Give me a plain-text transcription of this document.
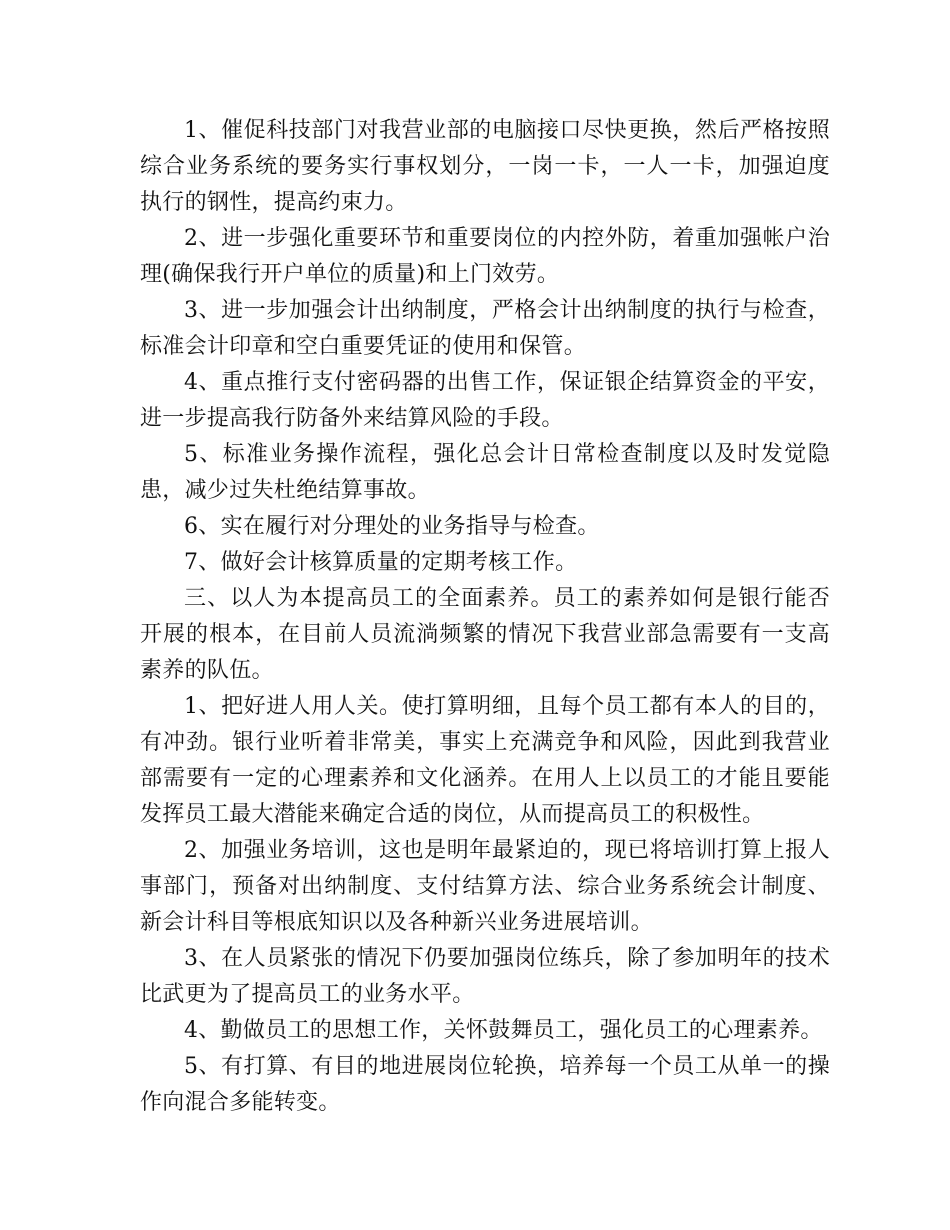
1、催促科技部门对我营业部的电脑接口尽快更换，然后严格按照综合业务系统的要务实行事权划分，一岗一卡，一人一卡，加强迫度执行的钢性，提高约束力。

2、进一步强化重要环节和重要岗位的内控外防，着重加强帐户治理(确保我行开户单位的质量)和上门效劳。

3、进一步加强会计出纳制度，严格会计出纳制度的执行与检查，标准会计印章和空白重要凭证的使用和保管。

4、重点推行支付密码器的出售工作，保证银企结算资金的平安，进一步提高我行防备外来结算风险的手段。

5、标准业务操作流程，强化总会计日常检查制度以及时发觉隐患，减少过失杜绝结算事故。

6、实在履行对分理处的业务指导与检查。

7、做好会计核算质量的定期考核工作。

三、以人为本提高员工的全面素养。员工的素养如何是银行能否开展的根本，在目前人员流淌频繁的情况下我营业部急需要有一支高素养的队伍。

1、把好进人用人关。使打算明细，且每个员工都有本人的目的，有冲劲。银行业听着非常美，事实上充满竞争和风险，因此到我营业部需要有一定的心理素养和文化涵养。在用人上以员工的才能且要能发挥员工最大潜能来确定合适的岗位，从而提高员工的积极性。

2、加强业务培训，这也是明年最紧迫的，现已将培训打算上报人事部门，预备对出纳制度、支付结算方法、综合业务系统会计制度、新会计科目等根底知识以及各种新兴业务进展培训。

3、在人员紧张的情况下仍要加强岗位练兵，除了参加明年的技术比武更为了提高员工的业务水平。

4、勤做员工的思想工作，关怀鼓舞员工，强化员工的心理素养。

5、有打算、有目的地进展岗位轮换，培养每一个员工从单一的操作向混合多能转变。
